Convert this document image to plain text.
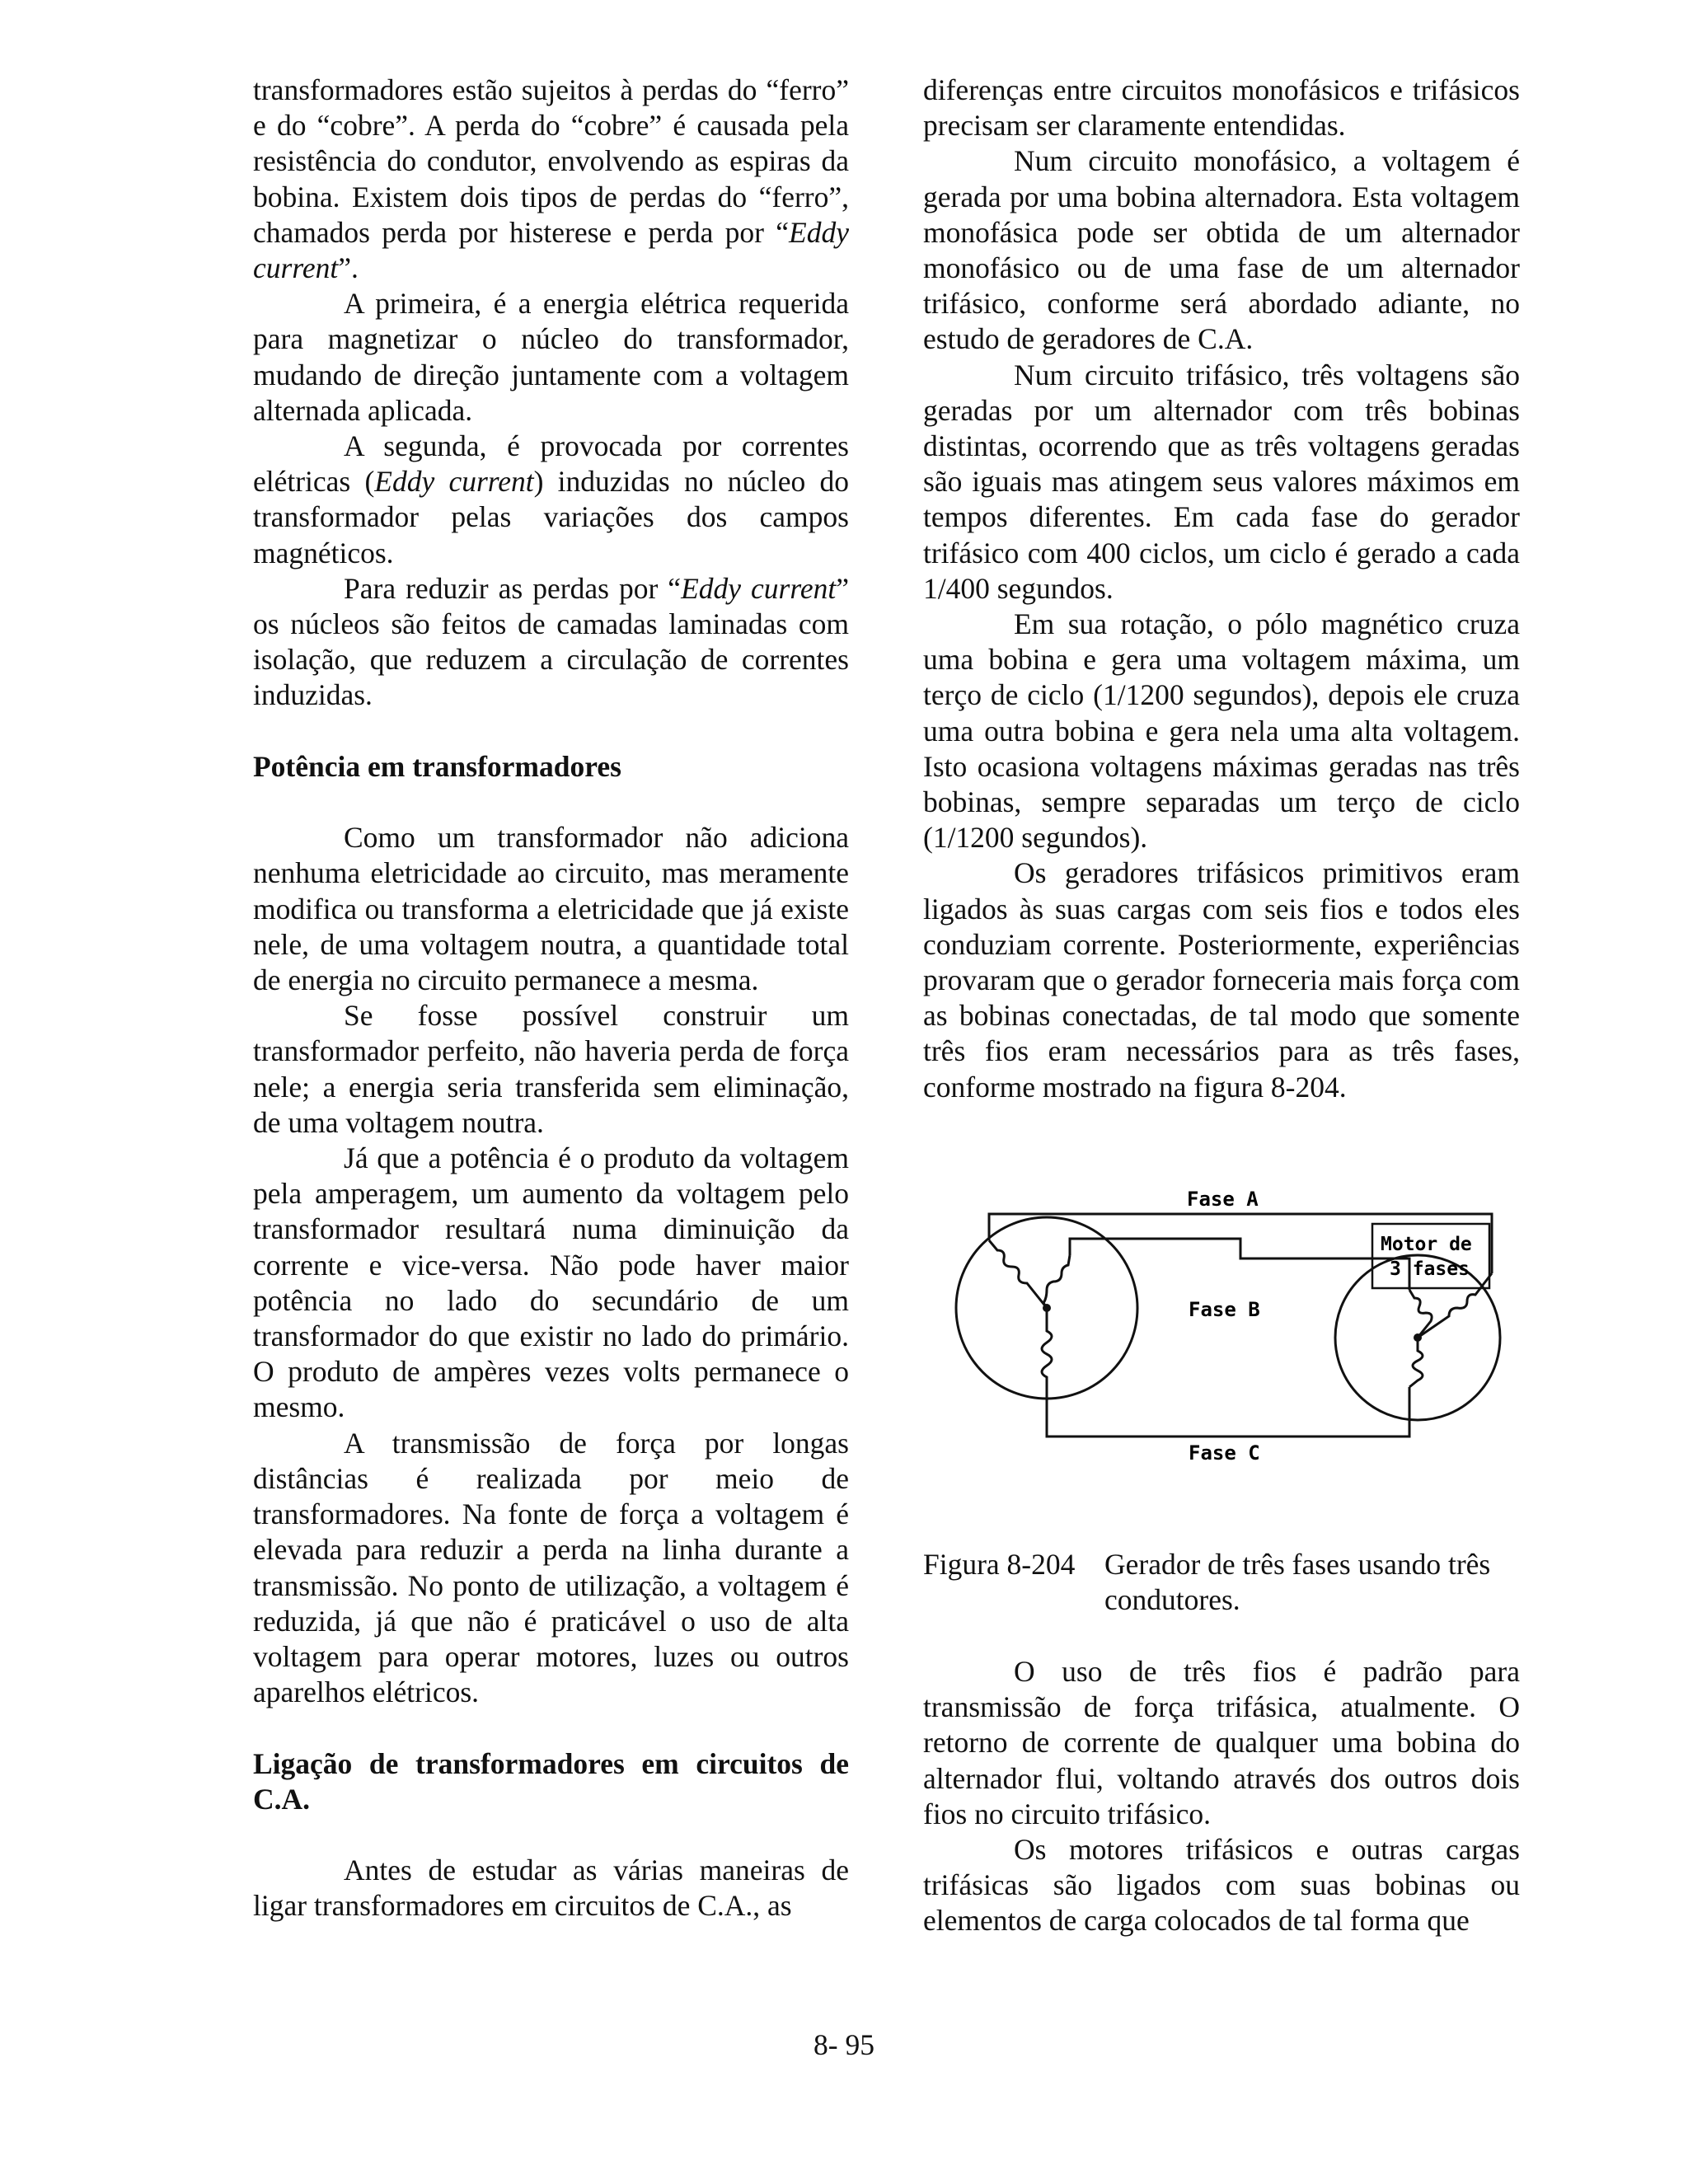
transformadores estão sujeitos à perdas do “ferro” e do “cobre”. A perda do “cobre” é causada pela resistência do condutor, envolvendo as espiras da bobina. Existem dois tipos de perdas do “ferro”, chamados perda por histerese e perda por “Eddy current”.

A primeira, é a energia elétrica requerida para magnetizar o núcleo do transformador, mudando de direção juntamente com a voltagem alternada aplicada.

A segunda, é provocada por correntes elétricas (Eddy current) induzidas no núcleo do transformador pelas variações dos campos magnéticos.

Para reduzir as perdas por “Eddy current” os núcleos são feitos de camadas laminadas com isolação, que reduzem a circulação de correntes induzidas.

Potência em transformadores

Como um transformador não adiciona nenhuma eletricidade ao circuito, mas meramente modifica ou transforma a eletricidade que já existe nele, de uma voltagem noutra, a quantidade total de energia no circuito permanece a mesma.

Se fosse possível construir um transformador perfeito, não haveria perda de força nele; a energia seria transferida sem eliminação, de uma voltagem noutra.

Já que a potência é o produto da voltagem pela amperagem, um aumento da voltagem pelo transformador resultará numa diminuição da corrente e vice-versa. Não pode haver maior potência no lado do secundário de um transformador do que existir no lado do primário. O produto de ampères vezes volts permanece o mesmo.

A transmissão de força por longas distâncias é realizada por meio de transformadores. Na fonte de força a voltagem é elevada para reduzir a perda na linha durante a transmissão. No ponto de utilização, a voltagem é reduzida, já que não é praticável o uso de alta voltagem para operar motores, luzes ou outros aparelhos elétricos.

Ligação de transformadores em circuitos de C.A.

Antes de estudar as várias maneiras de ligar transformadores em circuitos de C.A., as

diferenças entre circuitos monofásicos e trifásicos precisam ser claramente entendidas.

Num circuito monofásico, a voltagem é gerada por uma bobina alternadora. Esta voltagem monofásica pode ser obtida de um alternador monofásico ou de uma fase de um alternador trifásico, conforme será abordado adiante, no estudo de geradores de C.A.

Num circuito trifásico, três voltagens são geradas por um alternador com três bobinas distintas, ocorrendo que as três voltagens geradas são iguais mas atingem seus valores máximos em tempos diferentes. Em cada fase do gerador trifásico com 400 ciclos, um ciclo é gerado a cada 1/400 segundos.

Em sua rotação, o pólo magnético cruza uma bobina e gera uma voltagem máxima, um terço de ciclo (1/1200 segundos), depois ele cruza uma outra bobina e gera nela uma alta voltagem. Isto ocasiona voltagens máximas geradas nas três bobinas, sempre separadas um terço de ciclo (1/1200 segundos).

Os geradores trifásicos primitivos eram ligados às suas cargas com seis fios e todos eles conduziam corrente. Posteriormente, experiências provaram que o gerador forneceria mais força com as bobinas conectadas, de tal modo que somente três fios eram necessários para as três fases, conforme mostrado na figura 8-204.

Fase A
Fase B
Fase C
Motor de
3 fases
Figura 8-204 Gerador de três fases usando três condutores.

O uso de três fios é padrão para transmissão de força trifásica, atualmente. O retorno de corrente de qualquer uma bobina do alternador flui, voltando através dos outros dois fios no circuito trifásico.

Os motores trifásicos e outras cargas trifásicas são ligados com suas bobinas ou elementos de carga colocados de tal forma que

8- 95
